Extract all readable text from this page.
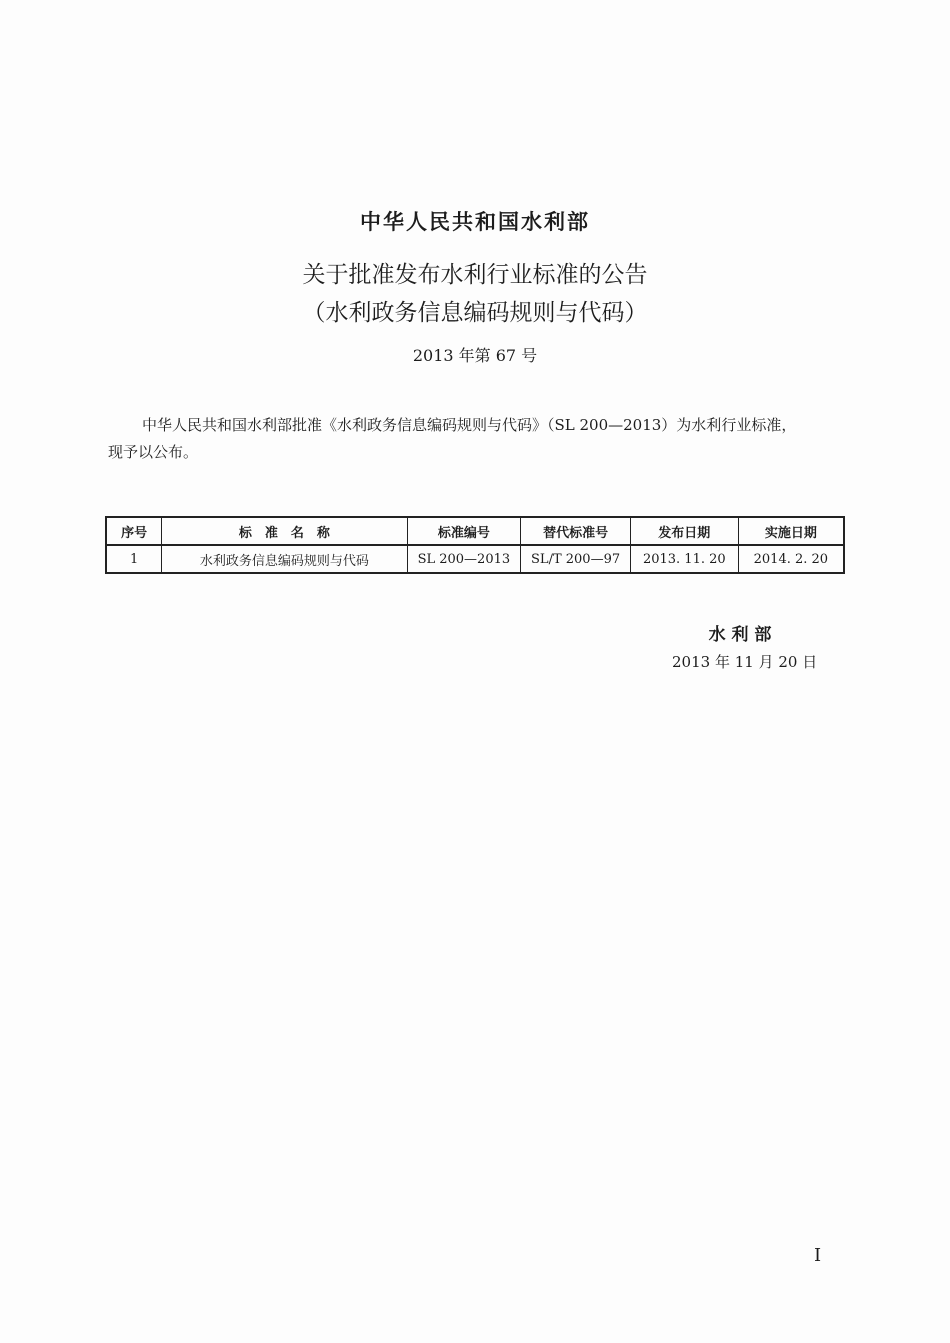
中华人民共和国水利部
关于批准发布水利行业标准的公告
（水利政务信息编码规则与代码）
2013 年第 67 号
中华人民共和国水利部批准《水利政务信息编码规则与代码》（SL 200—2013）为水利行业标准，
现予以公布。
序号	标　准　名　称	标准编号	替代标准号	发布日期	实施日期
1	水利政务信息编码规则与代码	SL 200—2013	SL/T 200—97	2013. 11. 20	2014. 2. 20
水 利 部
2013 年 11 月 20 日
I
